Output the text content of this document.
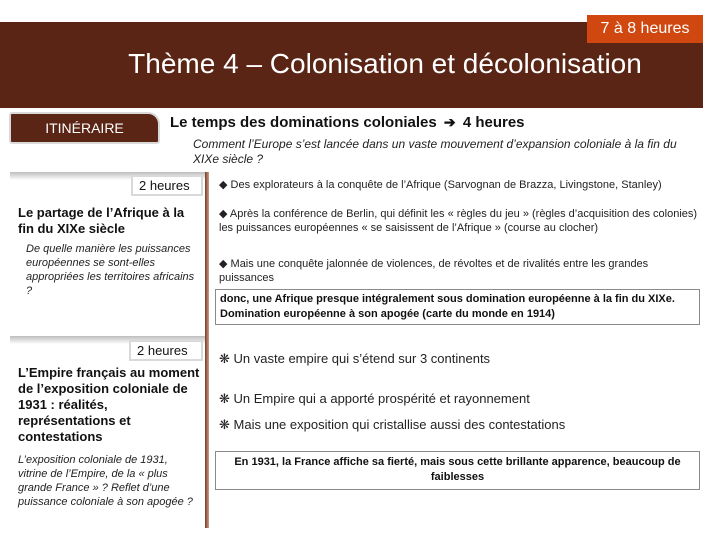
7 à 8 heures
Thème 4 – Colonisation et décolonisation
ITINÉRAIRE	Le temps des dominations coloniales ➔ 4 heures
Comment l’Europe s’est lancée dans un vaste mouvement d’expansion coloniale à la fin du XIXe siècle ?
2 heures
Le partage de l’Afrique à la fin du XIXe siècle
De quelle manière les puissances européennes se sont-elles appropriées les territoires africains ?
2 heures
L’Empire français au moment de l’exposition coloniale de 1931 : réalités, représentations et contestations
L’exposition coloniale de 1931, vitrine de l’Empire, de la « plus grande France » ? Reflet d’une puissance coloniale à son apogée ?
◆ Des explorateurs à la conquête de l’Afrique (Sarvognan de Brazza, Livingstone, Stanley)
◆ Après la conférence de Berlin, qui définit les « règles du jeu » (règles d’acquisition des colonies) les puissances européennes « se saisissent de l’Afrique » (course au clocher)
◆ Mais une conquête jalonnée de violences, de révoltes et de rivalités entre les grandes puissances
donc, une Afrique presque intégralement sous domination européenne à la fin du XIXe. Domination européenne à son apogée (carte du monde en 1914)
❋ Un vaste empire qui s’étend sur 3 continents
❋ Un Empire qui a apporté prospérité et rayonnement
❋ Mais une exposition qui cristallise aussi des contestations
En 1931, la France affiche sa fierté, mais sous cette brillante apparence, beaucoup de faiblesses
